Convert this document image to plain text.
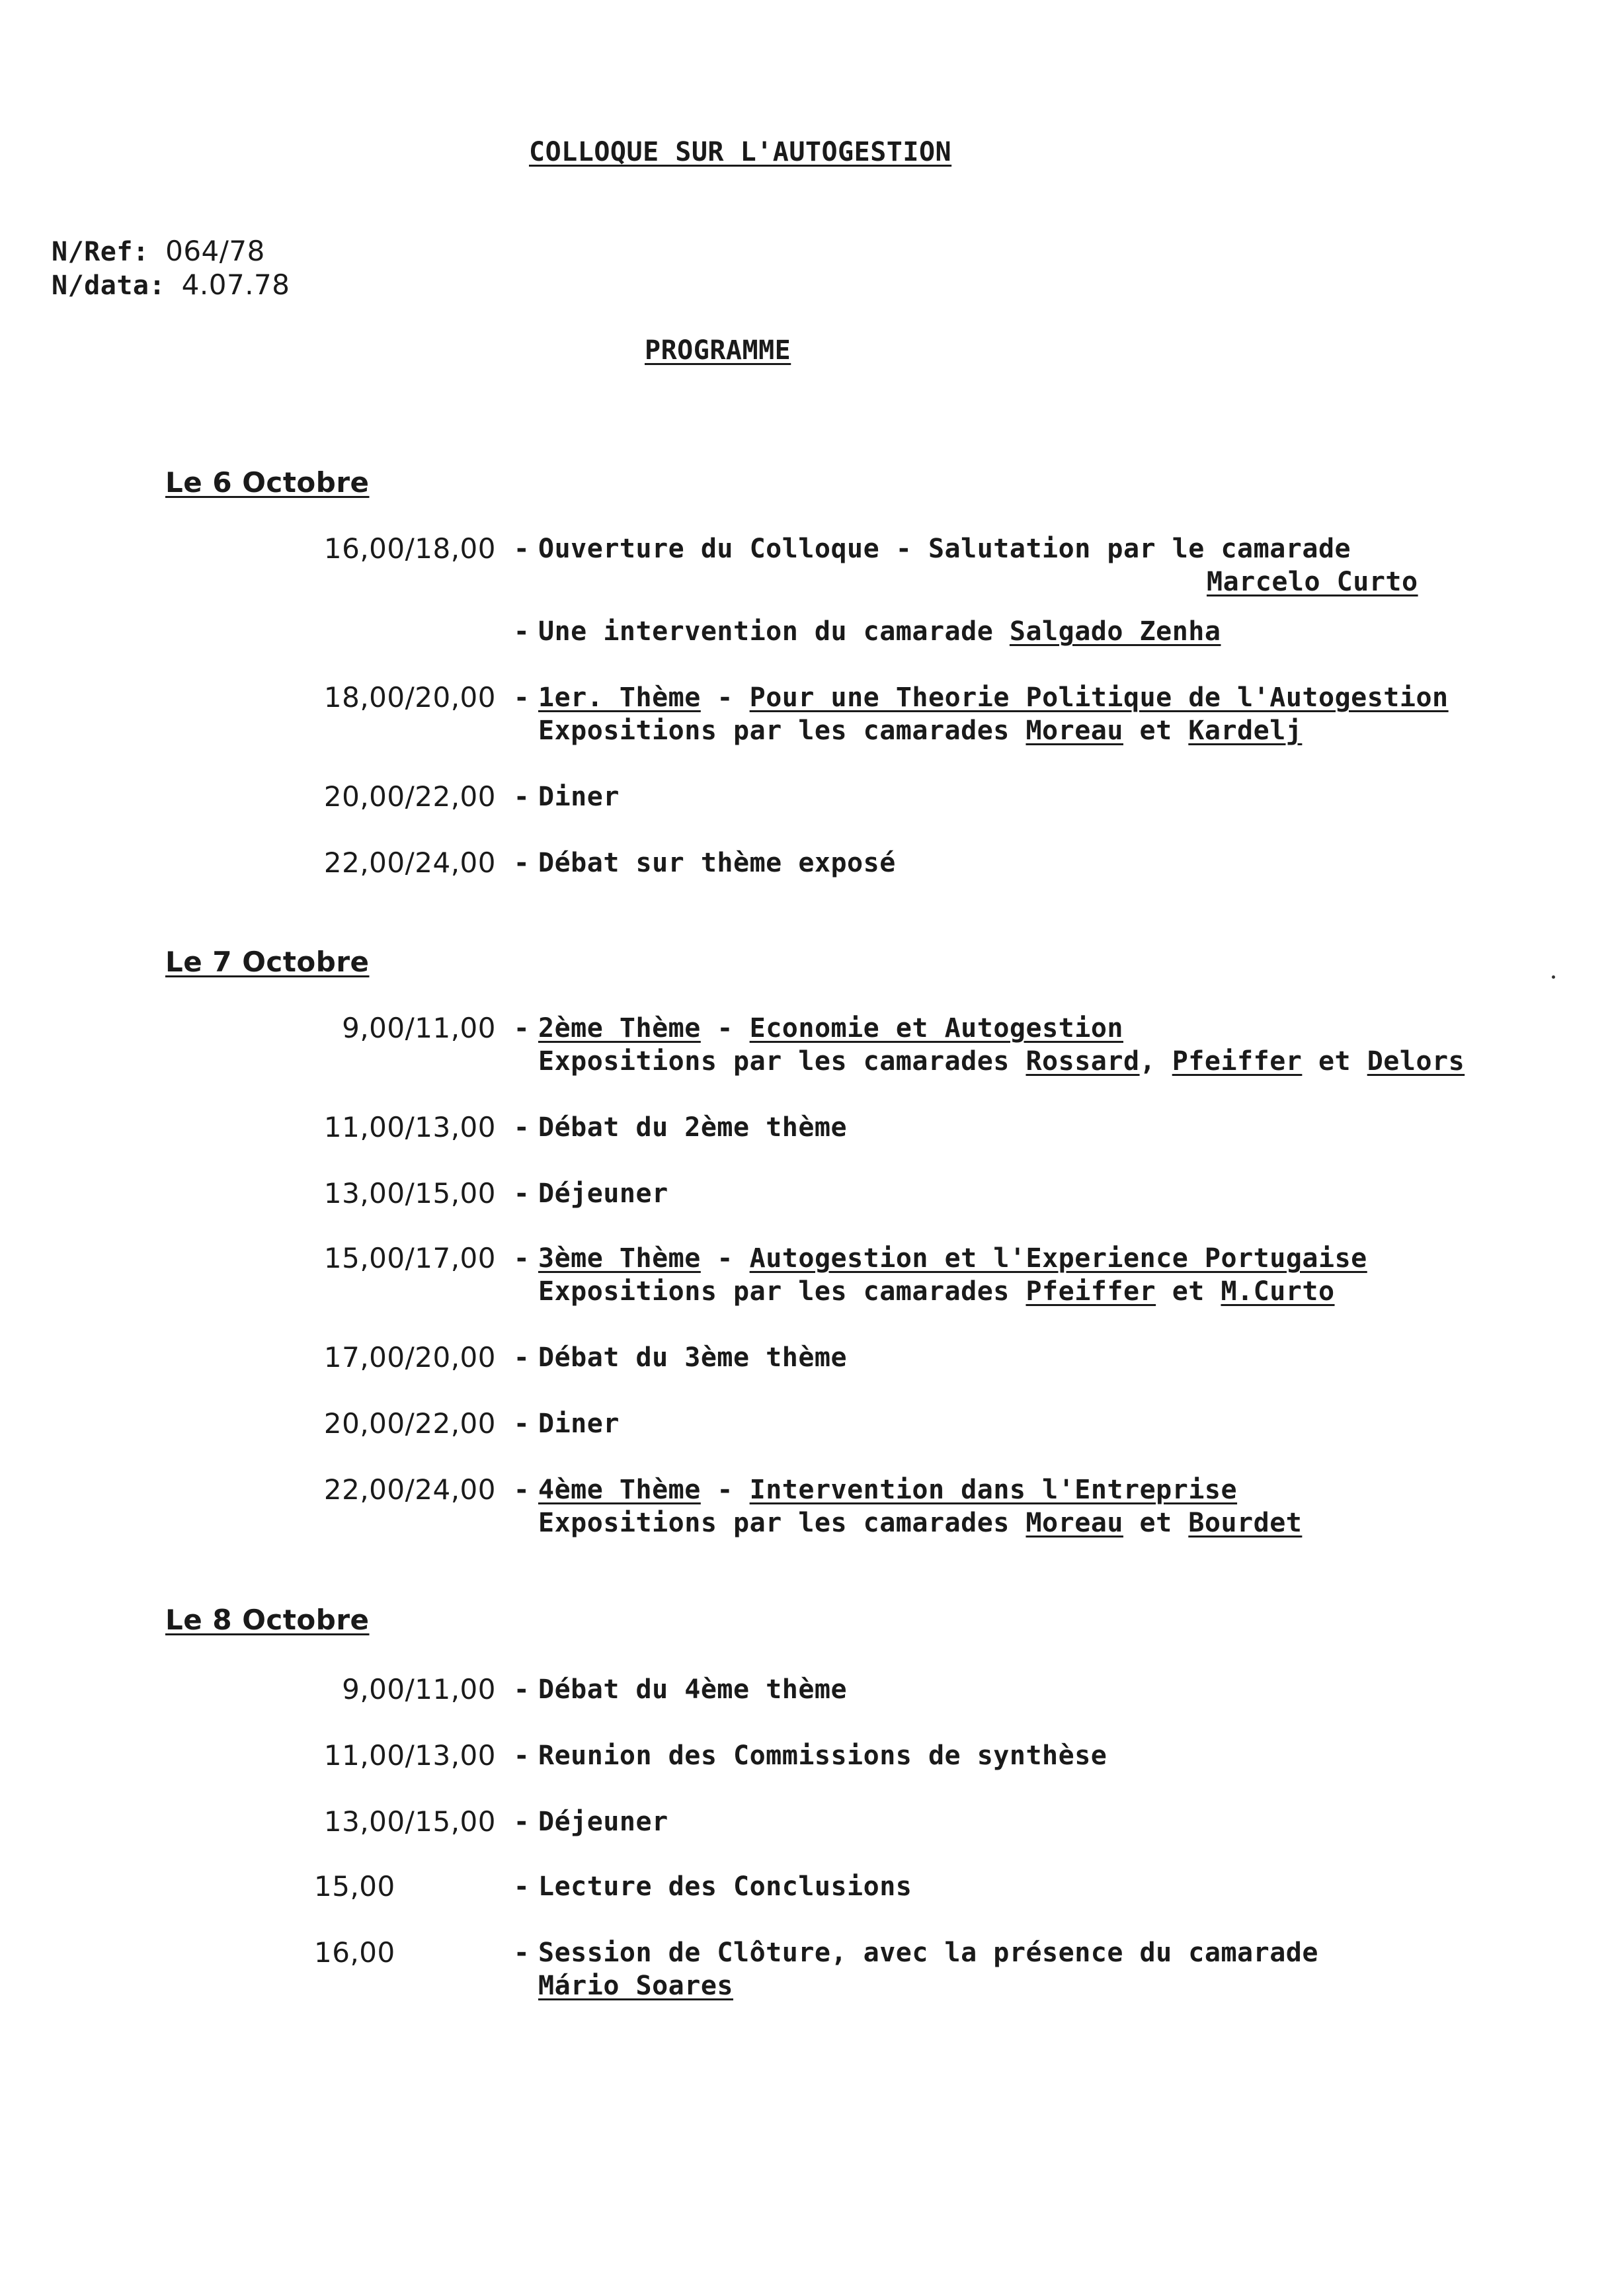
COLLOQUE SUR L'AUTOGESTION
N/Ref: 064/78
N/data: 4.07.78
PROGRAMME
Le 6 Octobre
16,00/18,00 - Ouverture du Colloque - Salutation par le camarade
Marcelo Curto
- Une intervention du camarade Salgado Zenha
18,00/20,00 - 1er. Thème - Pour une Theorie Politique de l'Autogestion
Expositions par les camarades Moreau et Kardelj
20,00/22,00 - Diner
22,00/24,00 - Débat sur thème exposé
Le 7 Octobre
9,00/11,00 - 2ème Thème - Economie et Autogestion
Expositions par les camarades Rossard, Pfeiffer et Delors
11,00/13,00 - Débat du 2ème thème
13,00/15,00 - Déjeuner
15,00/17,00 - 3ème Thème - Autogestion et l'Experience Portugaise
Expositions par les camarades Pfeiffer et M.Curto
17,00/20,00 - Débat du 3ème thème
20,00/22,00 - Diner
22,00/24,00 - 4ème Thème - Intervention dans l'Entreprise
Expositions par les camarades Moreau et Bourdet
Le 8 Octobre
9,00/11,00 - Débat du 4ème thème
11,00/13,00 - Reunion des Commissions de synthèse
13,00/15,00 - Déjeuner
15,00	- Lecture des Conclusions
16,00	- Session de Clôture, avec la présence du camarade
Mário Soares
